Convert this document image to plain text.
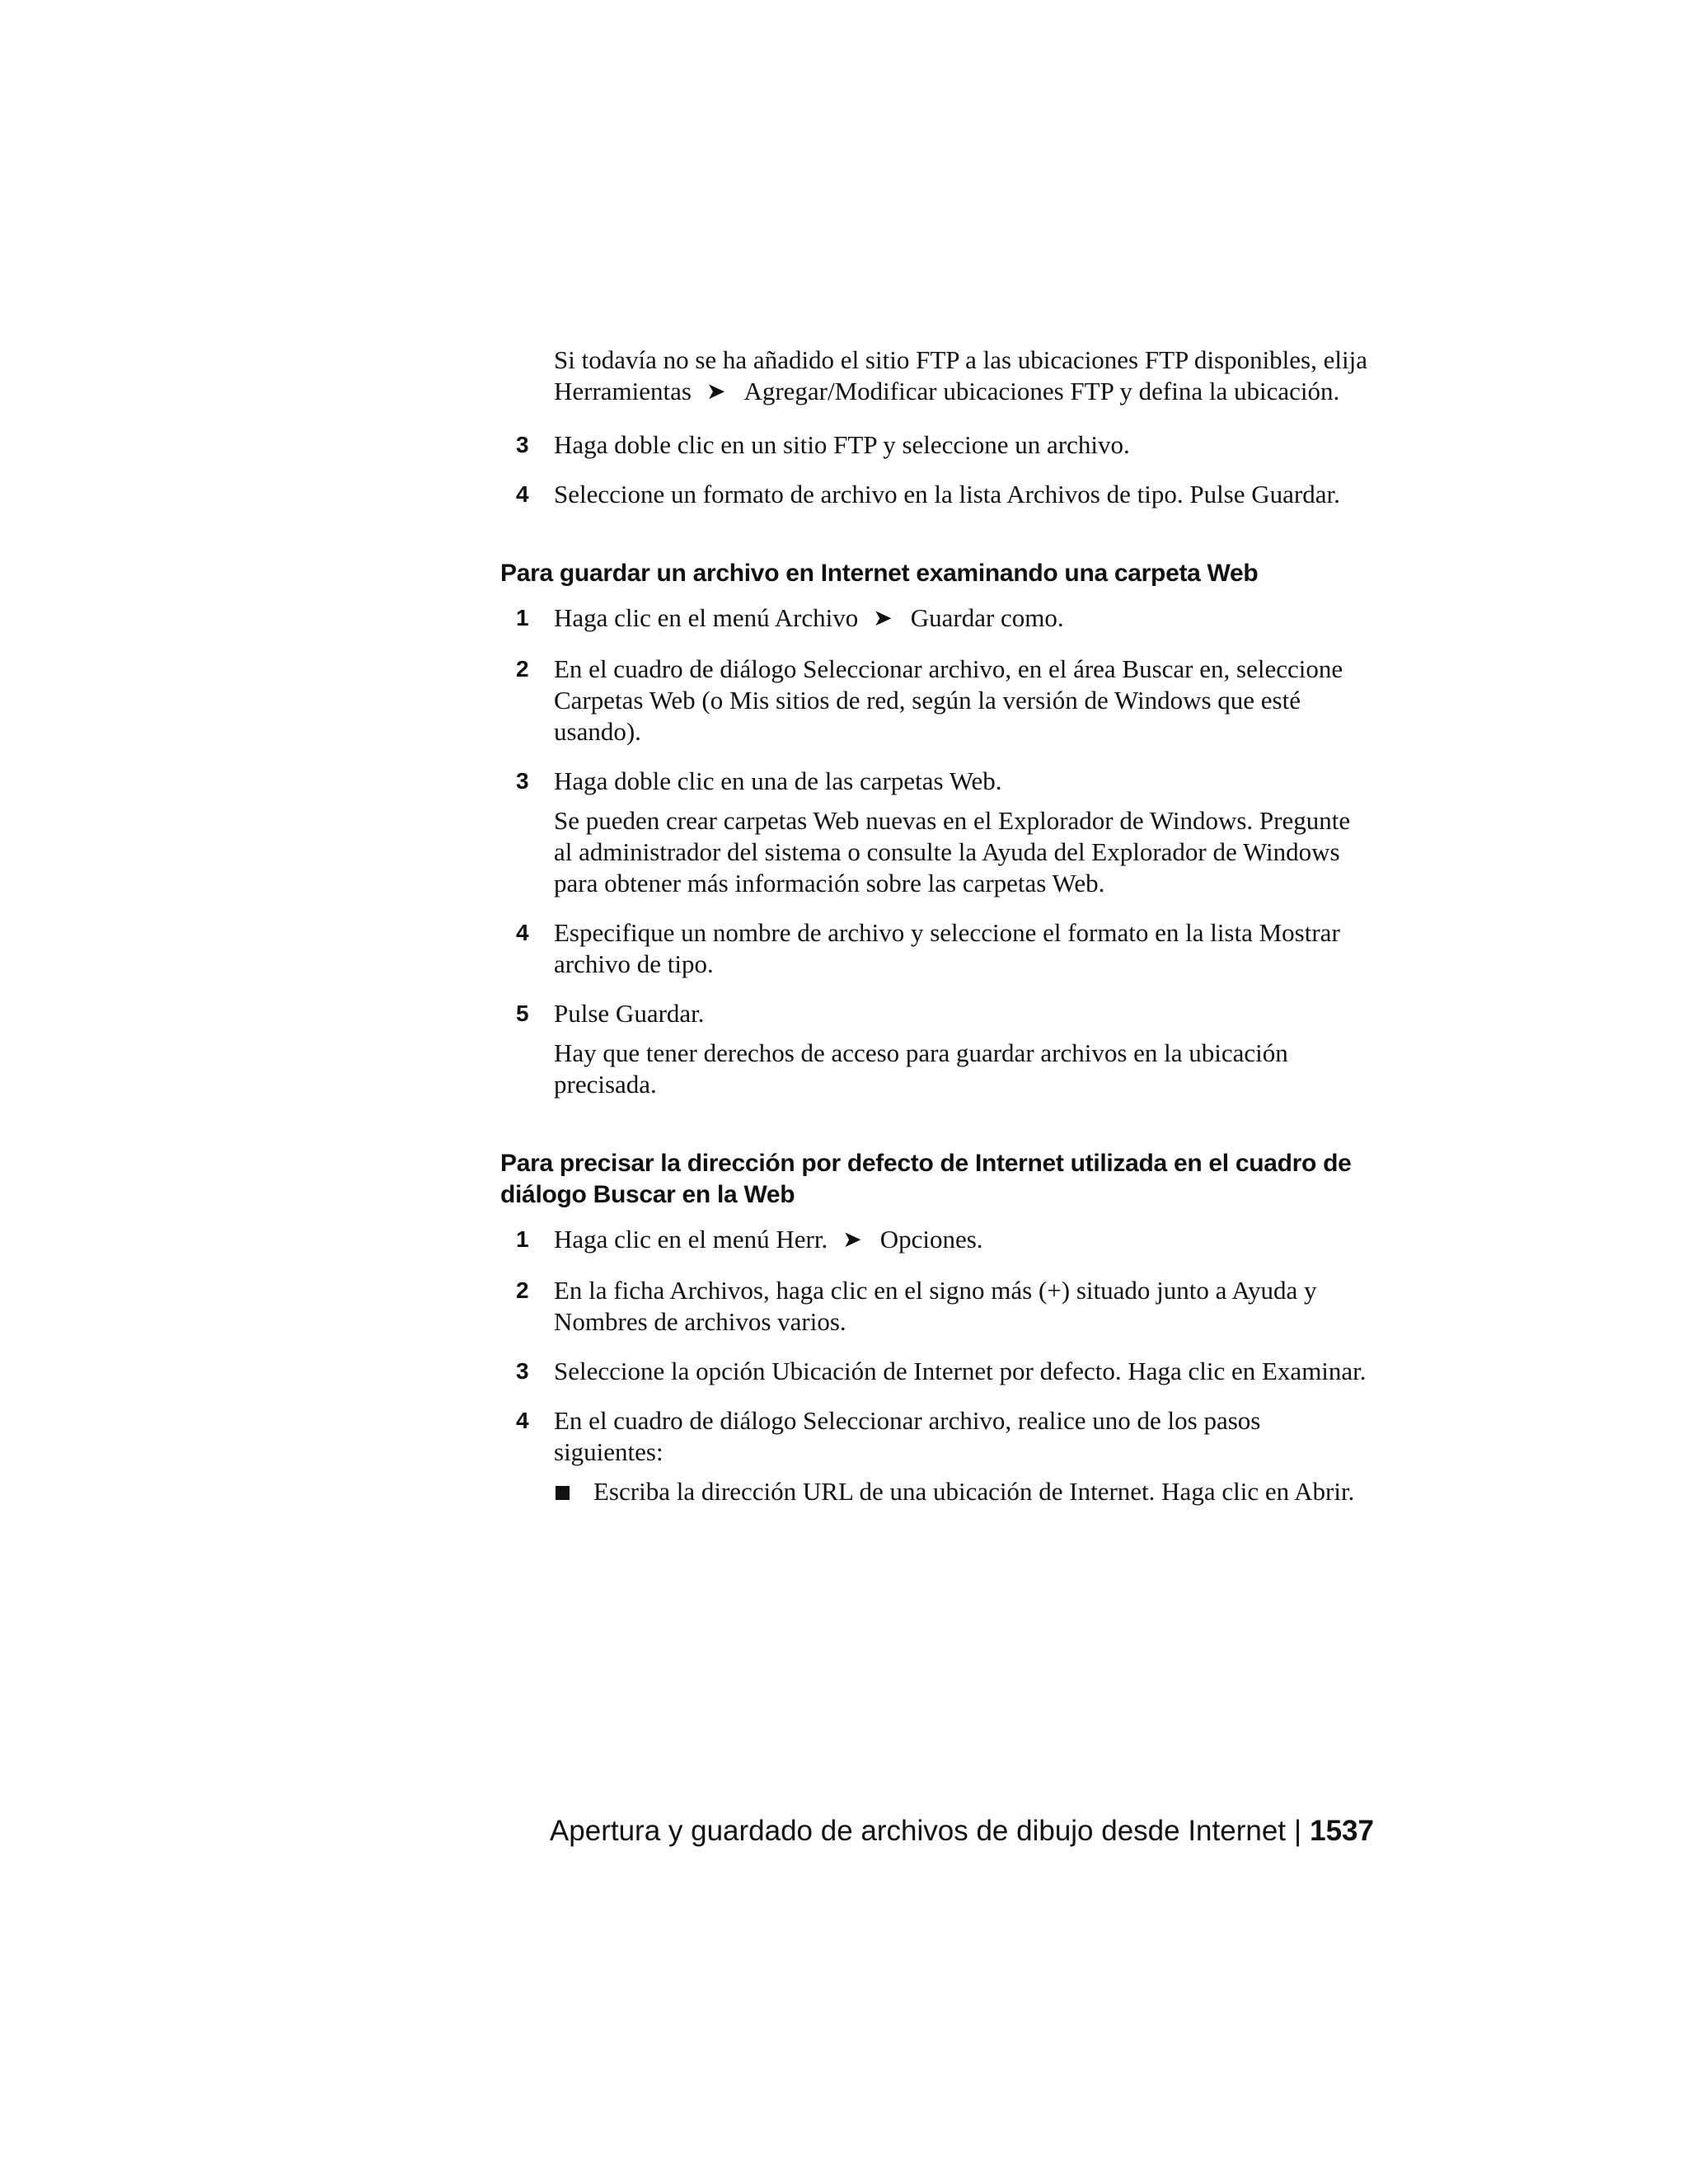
Si todavía no se ha añadido el sitio FTP a las ubicaciones FTP disponibles, elija Herramientas ➤ Agregar/Modificar ubicaciones FTP y defina la ubicación.

3 Haga doble clic en un sitio FTP y seleccione un archivo.

4 Seleccione un formato de archivo en la lista Archivos de tipo. Pulse Guardar.

Para guardar un archivo en Internet examinando una carpeta Web
1 Haga clic en el menú Archivo ➤ Guardar como.

2 En el cuadro de diálogo Seleccionar archivo, en el área Buscar en, seleccione Carpetas Web (o Mis sitios de red, según la versión de Windows que esté usando).

3 Haga doble clic en una de las carpetas Web.

Se pueden crear carpetas Web nuevas en el Explorador de Windows. Pregunte al administrador del sistema o consulte la Ayuda del Explorador de Windows para obtener más información sobre las carpetas Web.

4 Especifique un nombre de archivo y seleccione el formato en la lista Mostrar archivo de tipo.

5 Pulse Guardar.

Hay que tener derechos de acceso para guardar archivos en la ubicación precisada.

Para precisar la dirección por defecto de Internet utilizada en el cuadro de diálogo Buscar en la Web
1 Haga clic en el menú Herr. ➤ Opciones.

2 En la ficha Archivos, haga clic en el signo más (+) situado junto a Ayuda y Nombres de archivos varios.

3 Seleccione la opción Ubicación de Internet por defecto. Haga clic en Examinar.

4 En el cuadro de diálogo Seleccionar archivo, realice uno de los pasos siguientes:

Escriba la dirección URL de una ubicación de Internet. Haga clic en Abrir.

Apertura y guardado de archivos de dibujo desde Internet | 1537
